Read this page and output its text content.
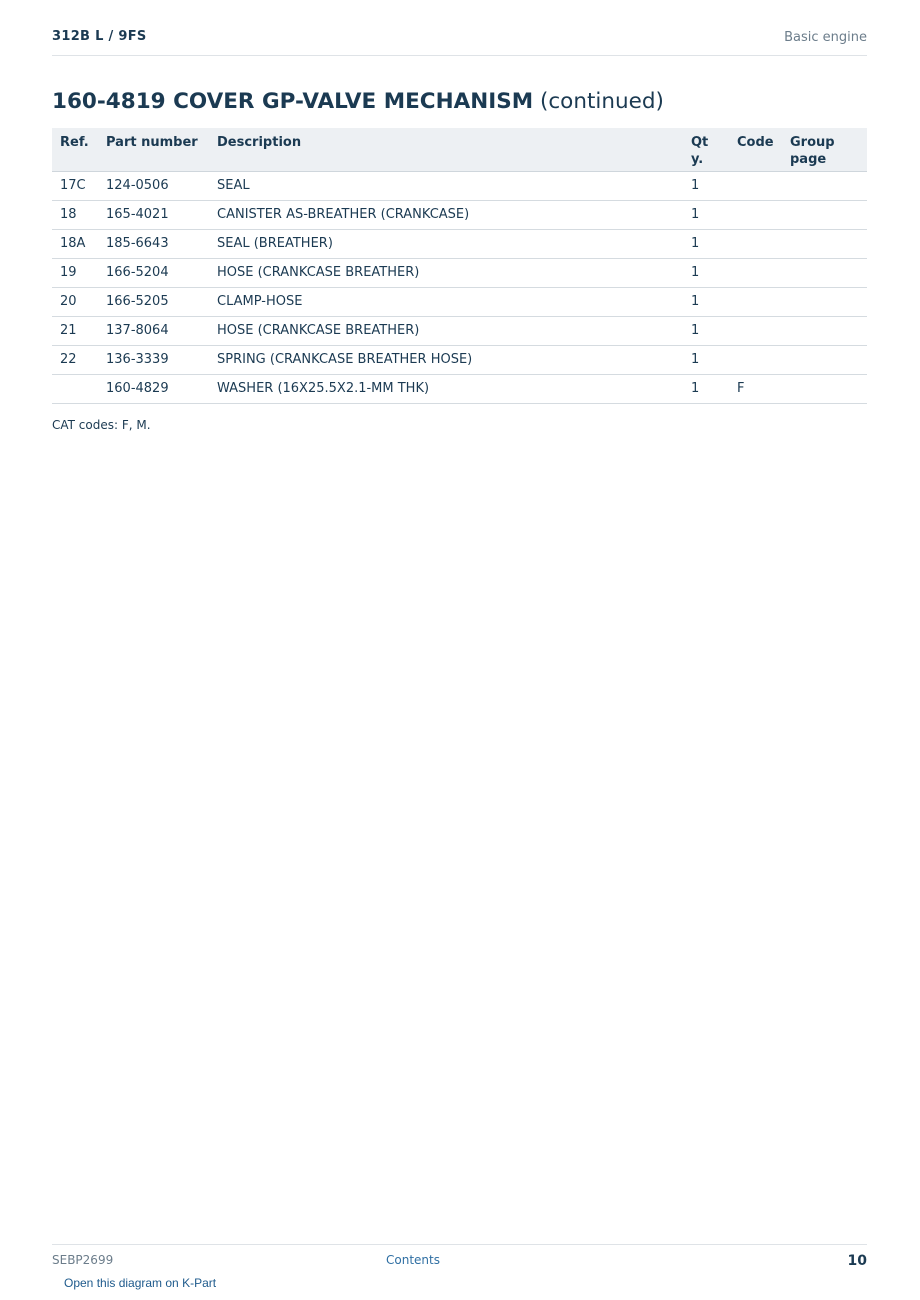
312B L / 9FS	Basic engine
160-4819 COVER GP-VALVE MECHANISM (continued)
Ref.	Part number	Description	Qty.	Code	Group page
17C	124-0506	SEAL	1		
18	165-4021	CANISTER AS-BREATHER (CRANKCASE)	1		
18A	185-6643	SEAL (BREATHER)	1		
19	166-5204	HOSE (CRANKCASE BREATHER)	1		
20	166-5205	CLAMP-HOSE	1		
21	137-8064	HOSE (CRANKCASE BREATHER)	1		
22	136-3339	SPRING (CRANKCASE BREATHER HOSE)	1		
	160-4829	WASHER (16X25.5X2.1-MM THK)	1	F	
CAT codes: F, M.
SEBP2699	Contents	10
Open this diagram on K-Part
